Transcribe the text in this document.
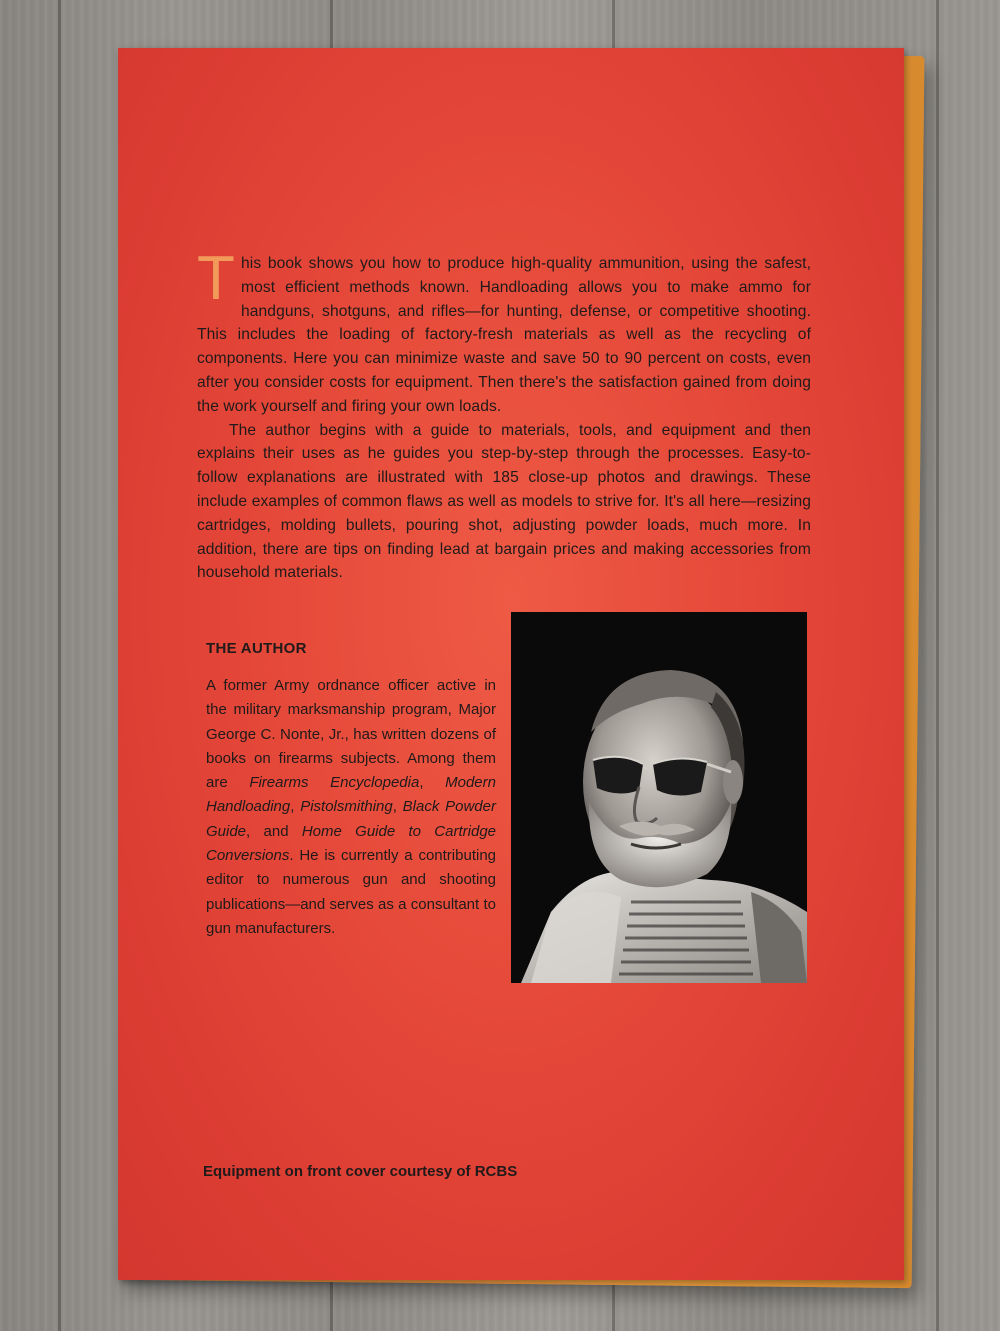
This book shows you how to produce high-quality ammunition, using the safest, most efficient methods known. Handloading allows you to make ammo for handguns, shotguns, and rifles—for hunting, defense, or competitive shooting. This includes the loading of factory-fresh materials as well as the recycling of components. Here you can minimize waste and save 50 to 90 percent on costs, even after you consider costs for equipment. Then there's the satisfaction gained from doing the work yourself and firing your own loads.

The author begins with a guide to materials, tools, and equipment and then explains their uses as he guides you step-by-step through the processes. Easy-to-follow explanations are illustrated with 185 close-up photos and drawings. These include examples of common flaws as well as models to strive for. It's all here—resizing cartridges, molding bullets, pouring shot, adjusting powder loads, much more. In addition, there are tips on finding lead at bargain prices and making accessories from household materials.

THE AUTHOR

A former Army ordnance officer active in the military marksmanship program, Major George C. Nonte, Jr., has written dozens of books on firearms subjects. Among them are Firearms Encyclopedia, Modern Handloading, Pistolsmithing, Black Powder Guide, and Home Guide to Cartridge Conversions. He is currently a contributing editor to numerous gun and shooting publications—and serves as a consultant to gun manufacturers.

Equipment on front cover courtesy of RCBS
